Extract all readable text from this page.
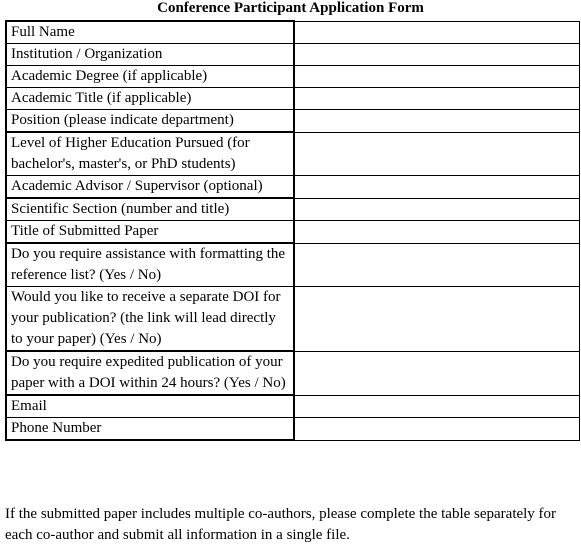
Conference Participant Application Form
Full Name	
Institution / Organization	
Academic Degree (if applicable)	
Academic Title (if applicable)	
Position (please indicate department)	
Level of Higher Education Pursued (for bachelor's, master's, or PhD students)	
Academic Advisor / Supervisor (optional)	
Scientific Section (number and title)	
Title of Submitted Paper	
Do you require assistance with formatting the reference list? (Yes / No)	
Would you like to receive a separate DOI for your publication? (the link will lead directly to your paper) (Yes / No)	
Do you require expedited publication of your paper with a DOI within 24 hours? (Yes / No)	
Email	
Phone Number	
If the submitted paper includes multiple co-authors, please complete the table separately for each co-author and submit all information in a single file.
